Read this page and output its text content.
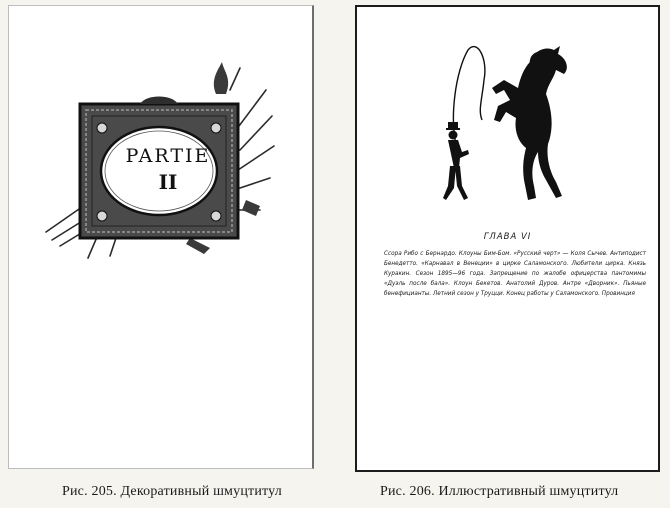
PARTIE
II
ГЛАВА VI

Ссора Рибо с Бернардо. Клоуны Бим-Бом. «Русский черт» — Коля Сычев. Антиподист Бенедетто. «Карнавал в Венеции» в цирке Саламонского. Любители цирка. Князь Куракин. Сезон 1895—96 года. Запрещение по жалобе офицерства пантомимы «Дуэль после бала». Клоун Бекетов. Анатолий Дуров. Антре «Дворник». Пьяные бенефицианты. Летний сезон у Труцци. Конец работы у Саламонского. Провинция

Рис. 205. Декоративный шмуцтитул	Рис. 206. Иллюстративный шмуцтитул
